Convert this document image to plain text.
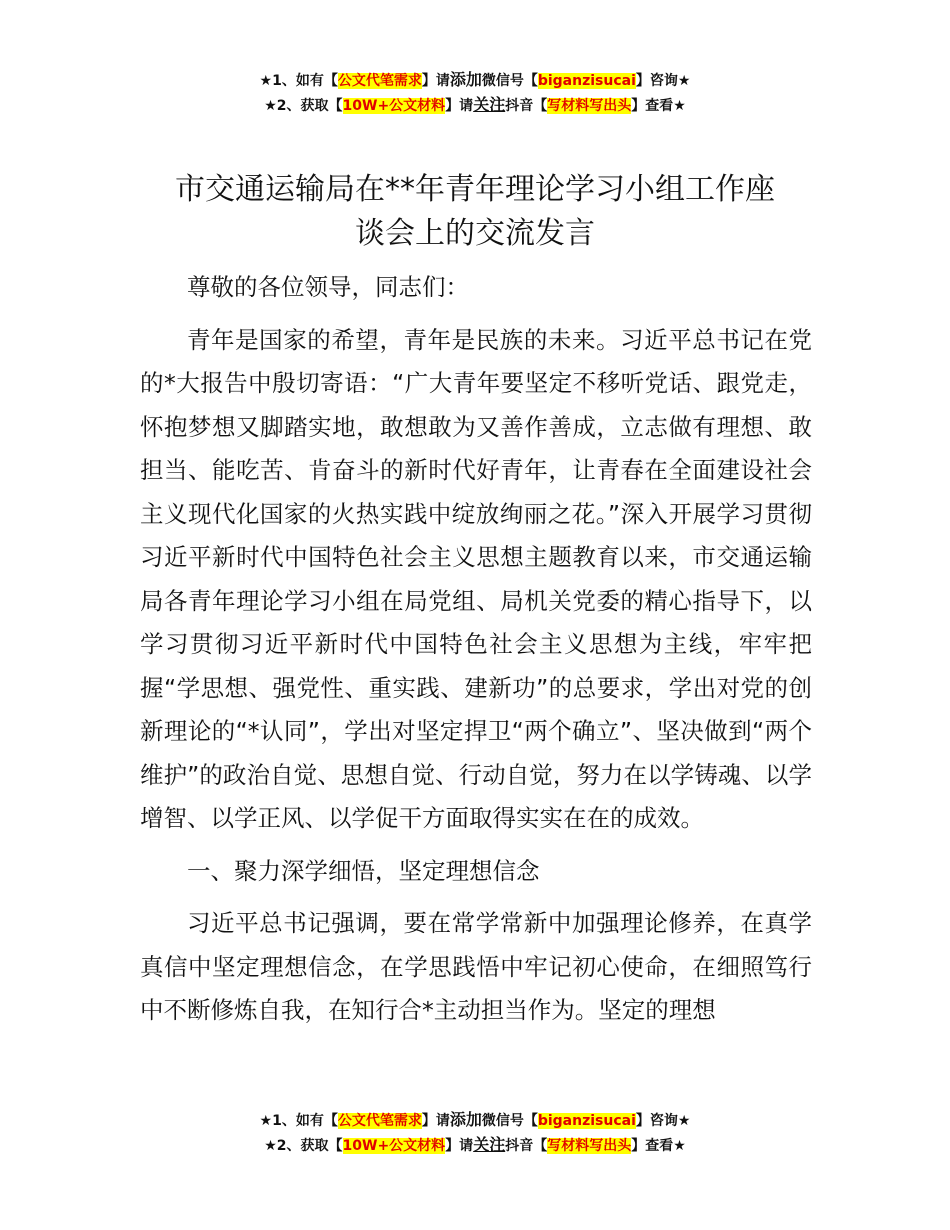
★1、如有【公文代笔需求】请添加微信号【biganzisucai】咨询★
★2、获取【10W+公文材料】请关注抖音【写材料写出头】查看★
市交通运输局在**年青年理论学习小组工作座
谈会上的交流发言

尊敬的各位领导，同志们：

青年是国家的希望，青年是民族的未来。习近平总书记在党的*大报告中殷切寄语：“广大青年要坚定不移听党话、跟党走，怀抱梦想又脚踏实地，敢想敢为又善作善成，立志做有理想、敢担当、能吃苦、肯奋斗的新时代好青年，让青春在全面建设社会主义现代化国家的火热实践中绽放绚丽之花。”深入开展学习贯彻习近平新时代中国特色社会主义思想主题教育以来，市交通运输局各青年理论学习小组在局党组、局机关党委的精心指导下，以学习贯彻习近平新时代中国特色社会主义思想为主线，牢牢把握“学思想、强党性、重实践、建新功”的总要求，学出对党的创新理论的“*认同”，学出对坚定捍卫“两个确立”、坚决做到“两个维护”的政治自觉、思想自觉、行动自觉，努力在以学铸魂、以学增智、以学正风、以学促干方面取得实实在在的成效。

一、聚力深学细悟，坚定理想信念

习近平总书记强调，要在常学常新中加强理论修养，在真学真信中坚定理想信念，在学思践悟中牢记初心使命，在细照笃行中不断修炼自我，在知行合*主动担当作为。坚定的理想

★1、如有【公文代笔需求】请添加微信号【biganzisucai】咨询★
★2、获取【10W+公文材料】请关注抖音【写材料写出头】查看★
